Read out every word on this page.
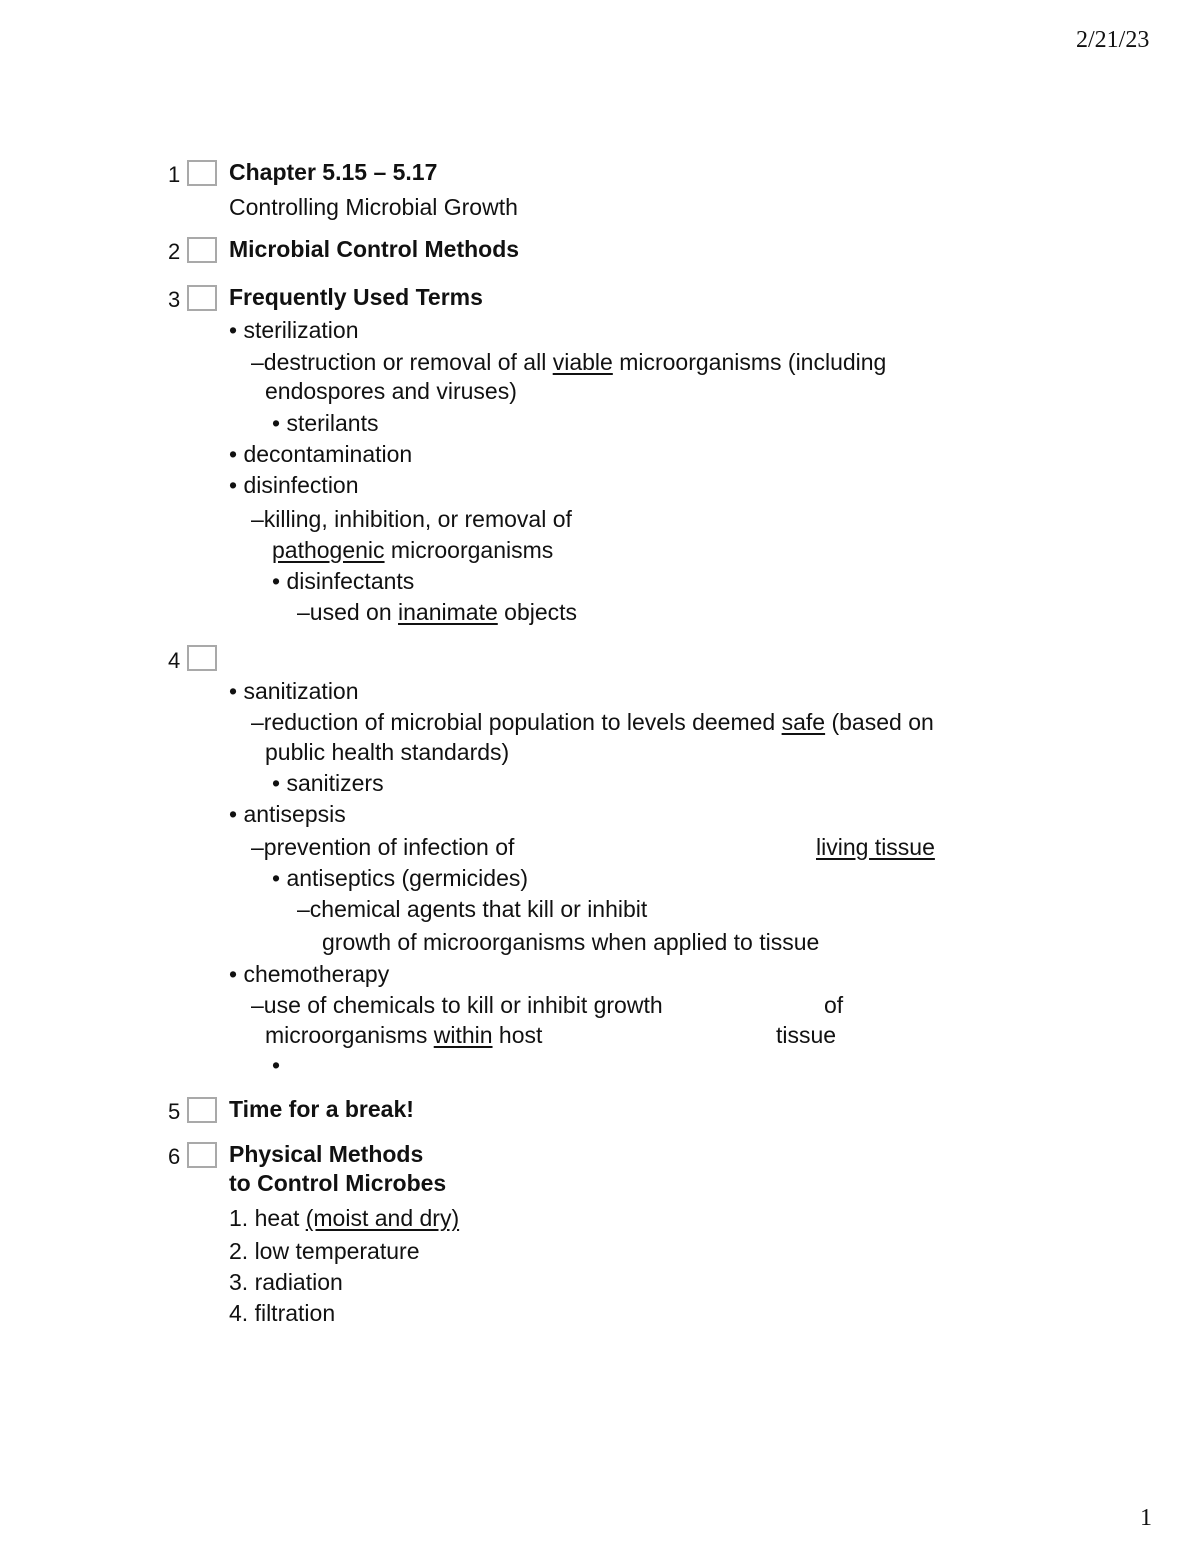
2/21/23
1
1 Chapter 5.15 – 5.17
Controlling Microbial Growth
2 Microbial Control Methods
3 Frequently Used Terms
• sterilization
–destruction or removal of all viable microorganisms (including
endospores and viruses)
• sterilants
• decontamination
• disinfection
–killing, inhibition, or removal of
pathogenic microorganisms
• disinfectants
–used on inanimate objects
4
• sanitization
–reduction of microbial population to levels deemed safe (based on
public health standards)
• sanitizers
• antisepsis
–prevention of infection of	living tissue
• antiseptics (germicides)
–chemical agents that kill or inhibit
growth of microorganisms when applied to tissue
• chemotherapy
–use of chemicals to kill or inhibit growth	of
microorganisms within host	tissue
•
5 Time for a break!
6 Physical Methods
to Control Microbes
1. heat (moist and dry)
2. low temperature
3. radiation
4. filtration
